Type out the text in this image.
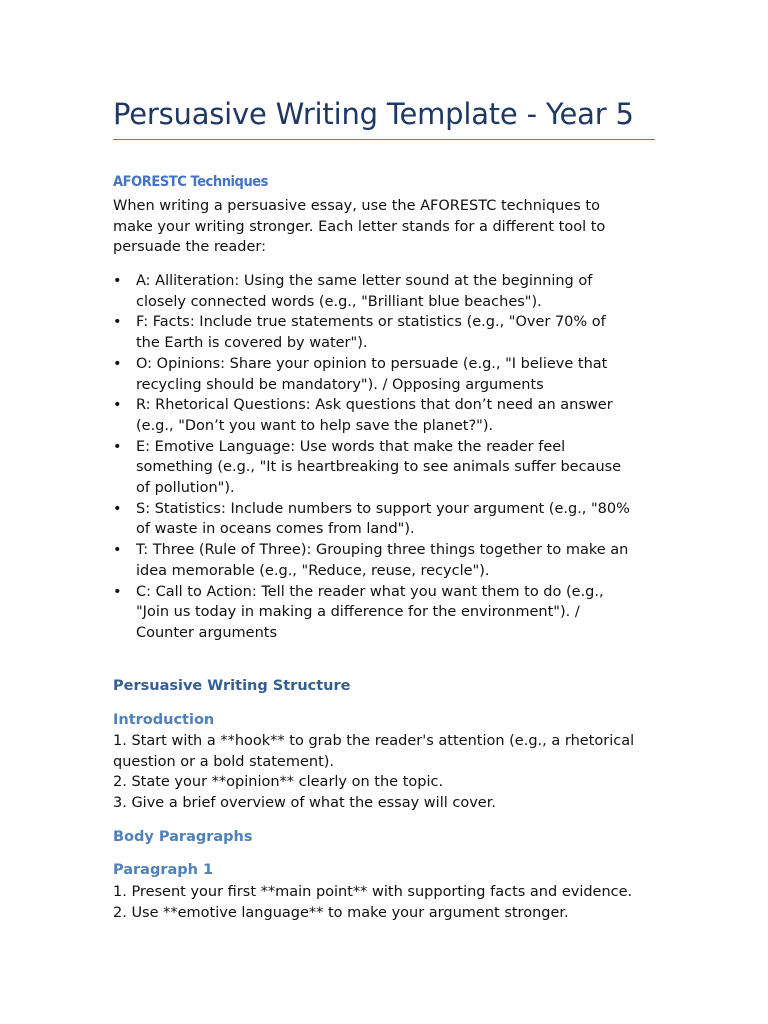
Persuasive Writing Template - Year 5
AFORESTC Techniques
When writing a persuasive essay, use the AFORESTC techniques to
make your writing stronger. Each letter stands for a different tool to
persuade the reader:
• A: Alliteration: Using the same letter sound at the beginning of
closely connected words (e.g., "Brilliant blue beaches").
• F: Facts: Include true statements or statistics (e.g., "Over 70% of
the Earth is covered by water").
• O: Opinions: Share your opinion to persuade (e.g., "I believe that
recycling should be mandatory"). / Opposing arguments
• R: Rhetorical Questions: Ask questions that don’t need an answer
(e.g., "Don’t you want to help save the planet?").
• E: Emotive Language: Use words that make the reader feel
something (e.g., "It is heartbreaking to see animals suffer because
of pollution").
• S: Statistics: Include numbers to support your argument (e.g., "80%
of waste in oceans comes from land").
• T: Three (Rule of Three): Grouping three things together to make an
idea memorable (e.g., "Reduce, reuse, recycle").
• C: Call to Action: Tell the reader what you want them to do (e.g.,
"Join us today in making a difference for the environment"). /
Counter arguments
Persuasive Writing Structure
Introduction
1. Start with a **hook** to grab the reader's attention (e.g., a rhetorical
question or a bold statement).
2. State your **opinion** clearly on the topic.
3. Give a brief overview of what the essay will cover.
Body Paragraphs
Paragraph 1
1. Present your first **main point** with supporting facts and evidence.
2. Use **emotive language** to make your argument stronger.
